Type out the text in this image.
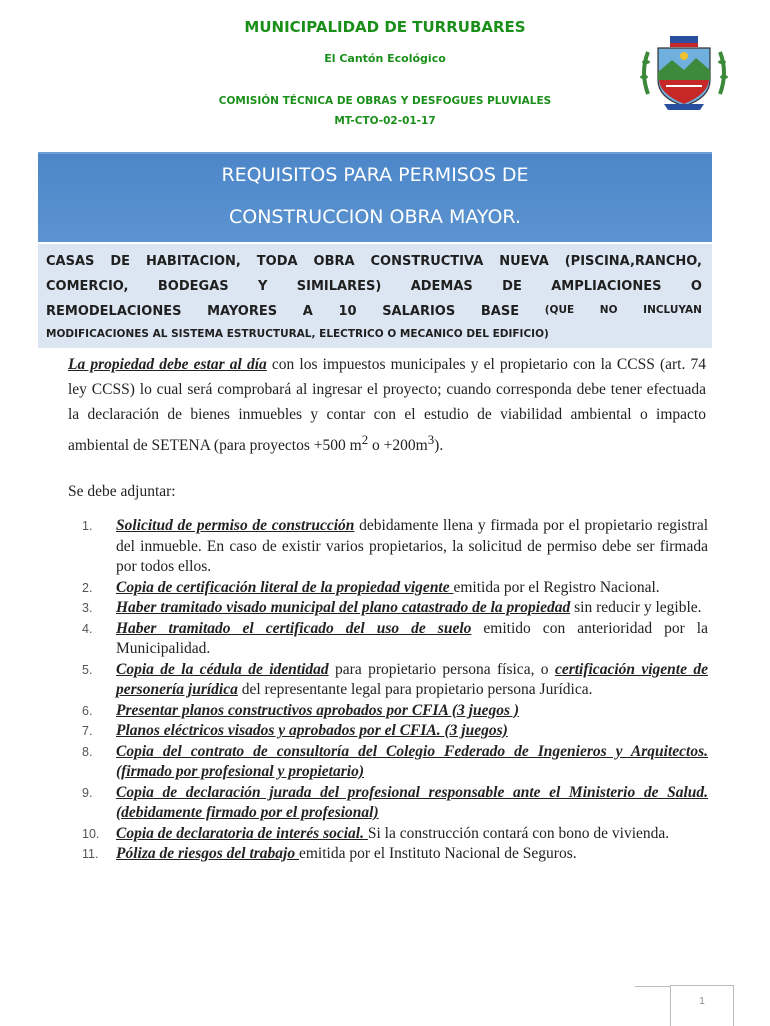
MUNICIPALIDAD DE TURRUBARES
El Cantón Ecológico
COMISIÓN TÉCNICA DE OBRAS Y DESFOGUES PLUVIALES
MT-CTO-02-01-17
REQUISITOS PARA PERMISOS DE
CONSTRUCCION OBRA MAYOR.
CASAS DE HABITACION, TODA OBRA CONSTRUCTIVA NUEVA (PISCINA,RANCHO,
COMERCIO, BODEGAS Y SIMILARES) ADEMAS DE AMPLIACIONES O
REMODELACIONES MAYORES A 10 SALARIOS BASE (QUE NO INCLUYAN
MODIFICACIONES AL SISTEMA ESTRUCTURAL, ELECTRICO O MECANICO DEL EDIFICIO)
La propiedad debe estar al día con los impuestos municipales y el propietario con la CCSS (art. 74 ley CCSS) lo cual será comprobará al ingresar el proyecto; cuando corresponda debe tener efectuada la declaración de bienes inmuebles y contar con el estudio de viabilidad ambiental o impacto ambiental de SETENA (para proyectos +500 $m^2$ $o +200m^3$).
Se debe adjuntar:
1. Solicitud de permiso de construcción debidamente llena y firmada por el propietario registral del inmueble. En caso de existir varios propietarios, la solicitud de permiso debe ser firmada por todos ellos.
2. Copia de certificación literal de la propiedad vigente emitida por el Registro Nacional.
3. Haber tramitado visado municipal del plano catastrado de la propiedad sin reducir y legible.
4. Haber tramitado el certificado del uso de suelo emitido con anterioridad por la Municipalidad.
5. Copia de la cédula de identidad para propietario persona física, o certificación vigente de personería jurídica del representante legal para propietario persona Jurídica.
6. Presentar planos constructivos aprobados por CFIA (3 juegos )
7. Planos eléctricos visados y aprobados por el CFIA. (3 juegos)
8. Copia del contrato de consultoría del Colegio Federado de Ingenieros y Arquitectos. (firmado por profesional y propietario)
9. Copia de declaración jurada del profesional responsable ante el Ministerio de Salud.(debidamente firmado por el profesional)
10. Copia de declaratoria de interés social. Si la construcción contará con bono de vivienda.
11. Póliza de riesgos del trabajo emitida por el Instituto Nacional de Seguros.
1
